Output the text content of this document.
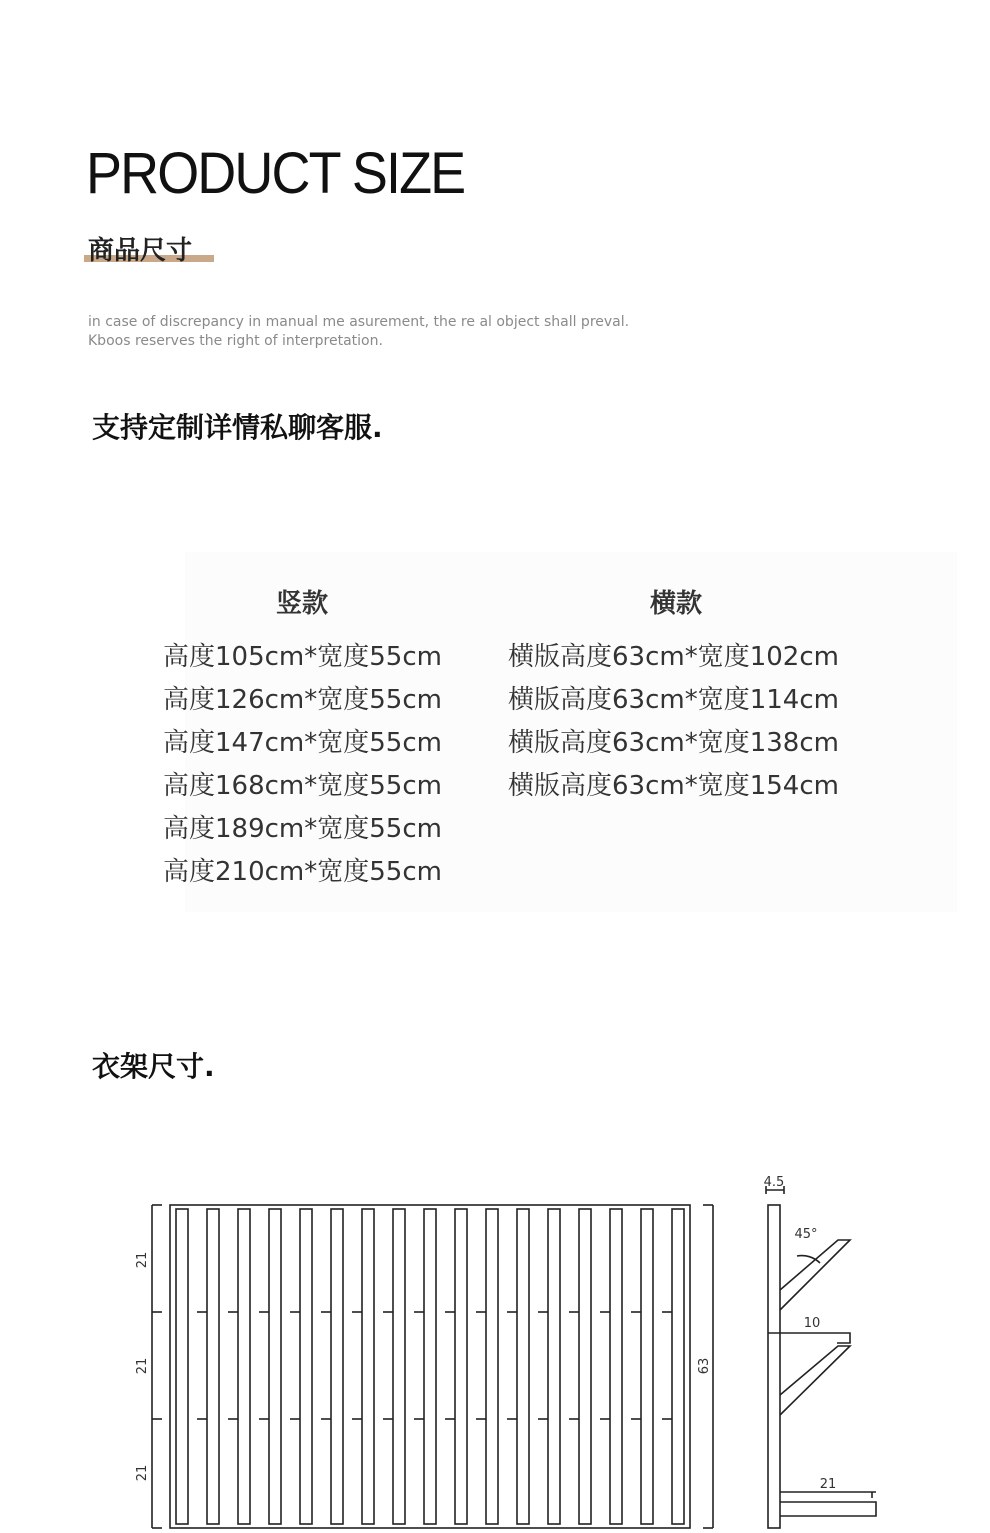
PRODUCT SIZE
商品尺寸
in case of discrepancy in manual me asurement, the re al object shall preval.
Kboos reserves the right of interpretation.
支持定制详情私聊客服.
竖款	横款
高度105cm*宽度55cm
高度126cm*宽度55cm
高度147cm*宽度55cm
高度168cm*宽度55cm
高度189cm*宽度55cm
高度210cm*宽度55cm
横版高度63cm*宽度102cm
横版高度63cm*宽度114cm
横版高度63cm*宽度138cm
横版高度63cm*宽度154cm
衣架尺寸.
21
21
21
63
4.5
45°
10
21
